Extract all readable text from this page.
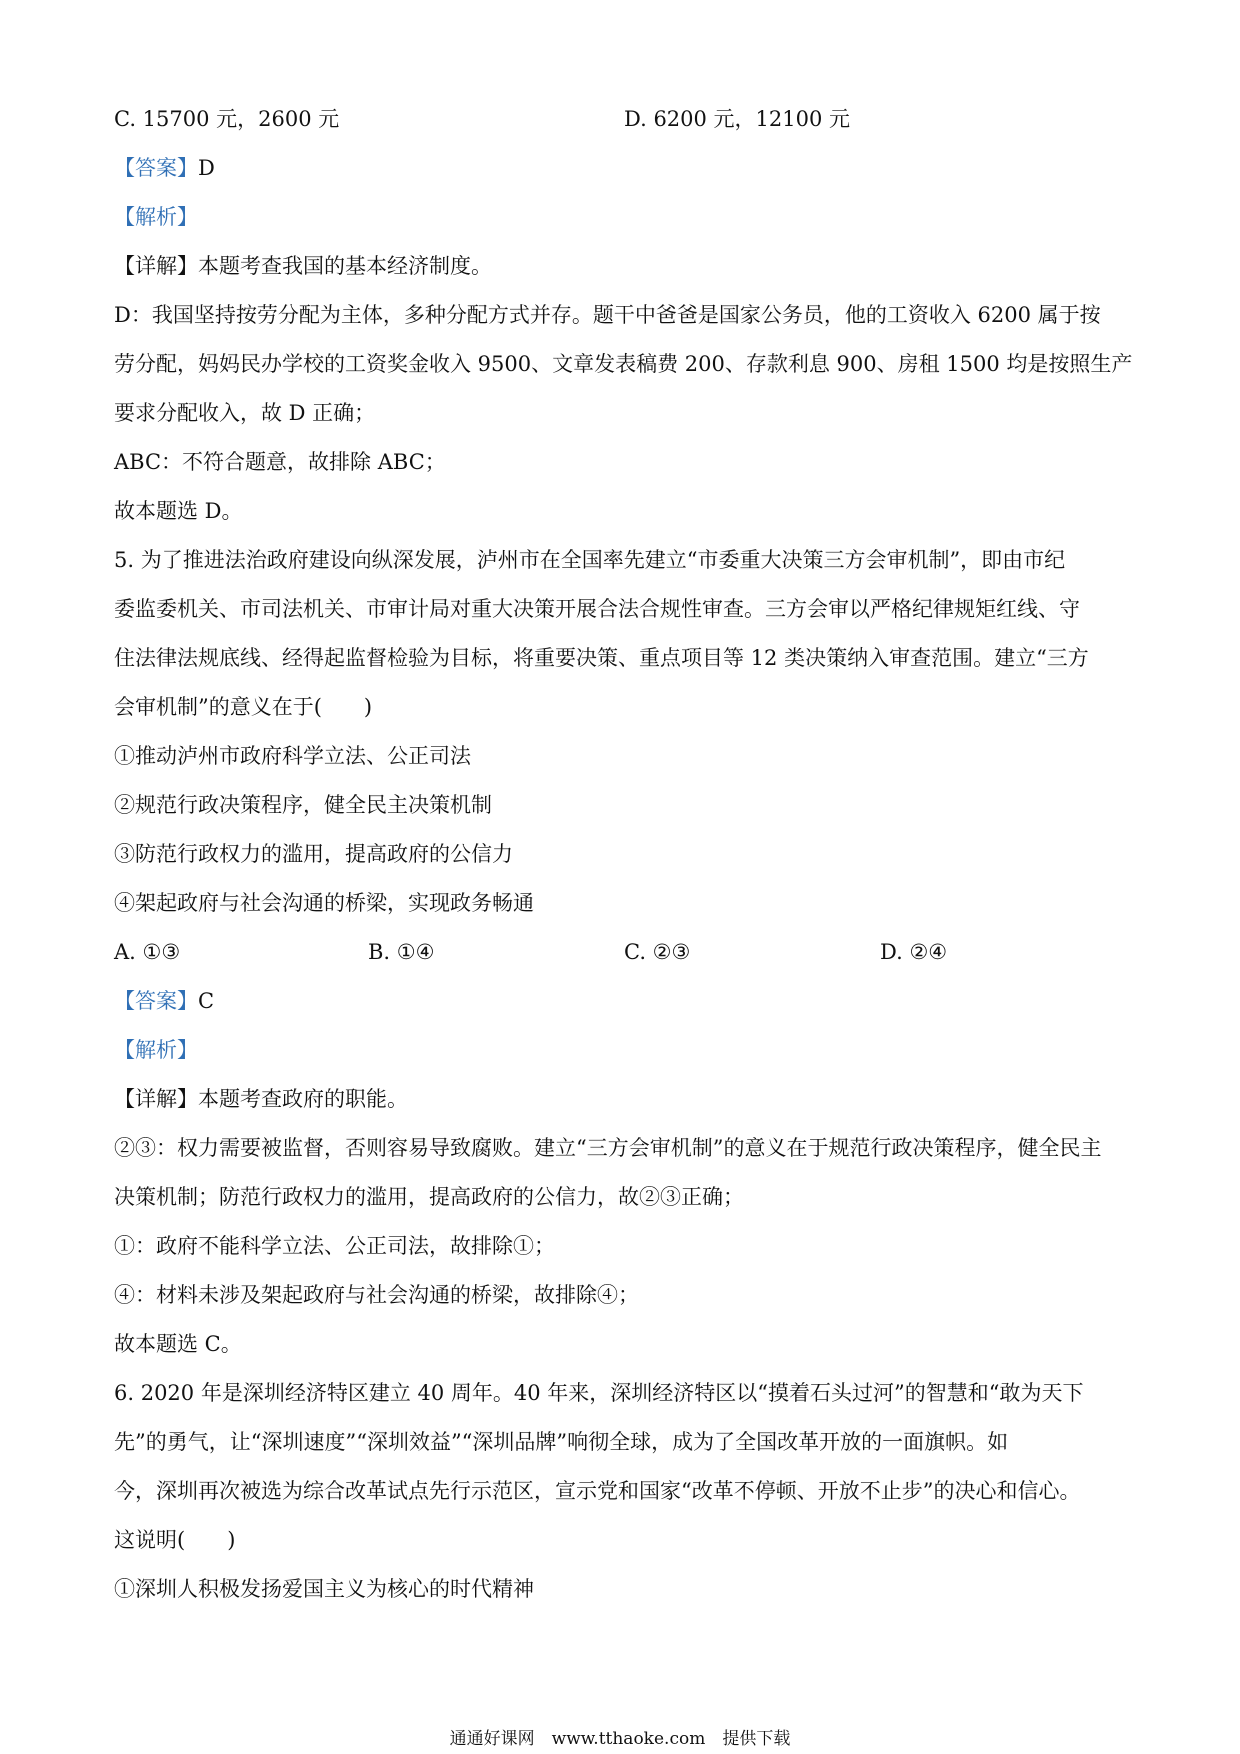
C. 15700 元，2600 元	D. 6200 元，12100 元
【答案】D
【解析】
【详解】本题考查我国的基本经济制度。
D：我国坚持按劳分配为主体，多种分配方式并存。题干中爸爸是国家公务员，他的工资收入 6200 属于按
劳分配，妈妈民办学校的工资奖金收入 9500、文章发表稿费 200、存款利息 900、房租 1500 均是按照生产
要求分配收入，故 D 正确；
ABC：不符合题意，故排除 ABC；
故本题选 D。
5. 为了推进法治政府建设向纵深发展，泸州市在全国率先建立“市委重大决策三方会审机制”，即由市纪
委监委机关、市司法机关、市审计局对重大决策开展合法合规性审查。三方会审以严格纪律规矩红线、守
住法律法规底线、经得起监督检验为目标，将重要决策、重点项目等 12 类决策纳入审查范围。建立“三方
会审机制”的意义在于(　　)
①推动泸州市政府科学立法、公正司法
②规范行政决策程序，健全民主决策机制
③防范行政权力的滥用，提高政府的公信力
④架起政府与社会沟通的桥梁，实现政务畅通
A. ①③	B. ①④	C. ②③	D. ②④
【答案】C
【解析】
【详解】本题考查政府的职能。
②③：权力需要被监督，否则容易导致腐败。建立“三方会审机制”的意义在于规范行政决策程序，健全民主
决策机制；防范行政权力的滥用，提高政府的公信力，故②③正确；
①：政府不能科学立法、公正司法，故排除①；
④：材料未涉及架起政府与社会沟通的桥梁，故排除④；
故本题选 C。
6. 2020 年是深圳经济特区建立 40 周年。40 年来，深圳经济特区以“摸着石头过河”的智慧和“敢为天下
先”的勇气，让“深圳速度”“深圳效益”“深圳品牌”响彻全球，成为了全国改革开放的一面旗帜。如
今，深圳再次被选为综合改革试点先行示范区，宣示党和国家“改革不停顿、开放不止步”的决心和信心。
这说明(　　)
①深圳人积极发扬爱国主义为核心的时代精神
通通好课网　www.tthaoke.com　提供下载
